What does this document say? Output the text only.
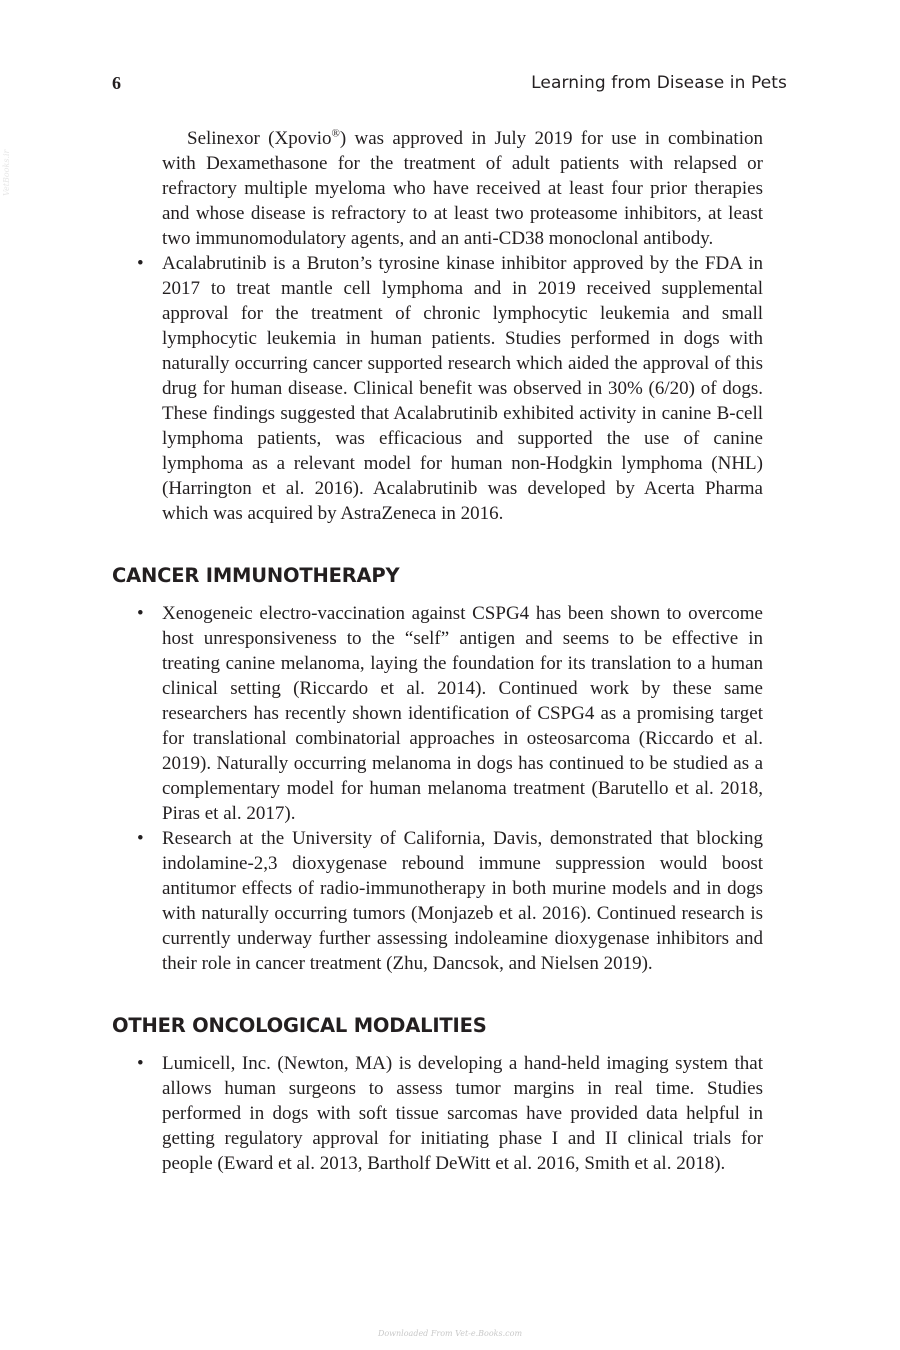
6	Learning from Disease in Pets
VetBooks.ir

Selinexor (Xpovio®) was approved in July 2019 for use in combination with Dexamethasone for the treatment of adult patients with relapsed or refractory multiple myeloma who have received at least four prior therapies and whose disease is refractory to at least two proteasome inhibitors, at least two immunomodulatory agents, and an anti-CD38 monoclonal antibody.

• Acalabrutinib is a Bruton’s tyrosine kinase inhibitor approved by the FDA in 2017 to treat mantle cell lymphoma and in 2019 received supplemental approval for the treatment of chronic lymphocytic leukemia and small lymphocytic leukemia in human patients. Studies performed in dogs with naturally occurring cancer supported research which aided the approval of this drug for human disease. Clinical benefit was observed in 30% (6/20) of dogs. These findings suggested that Acalabrutinib exhibited activity in canine B-cell lymphoma patients, was efficacious and supported the use of canine lymphoma as a relevant model for human non-Hodgkin lymphoma (NHL) (Harrington et al. 2016). Acalabrutinib was developed by Acerta Pharma which was acquired by AstraZeneca in 2016.
CANCER IMMUNOTHERAPY
• Xenogeneic electro-vaccination against CSPG4 has been shown to overcome host unresponsiveness to the “self” antigen and seems to be effective in treating canine melanoma, laying the foundation for its translation to a human clinical setting (Riccardo et al. 2014). Continued work by these same researchers has recently shown identification of CSPG4 as a promising target for translational combinatorial approaches in osteosarcoma (Riccardo et al. 2019). Naturally occurring melanoma in dogs has continued to be studied as a complementary model for human melanoma treatment (Barutello et al. 2018, Piras et al. 2017).
• Research at the University of California, Davis, demonstrated that blocking indolamine-2,3 dioxygenase rebound immune suppression would boost antitumor effects of radio-immunotherapy in both murine models and in dogs with naturally occurring tumors (Monjazeb et al. 2016). Continued research is currently underway further assessing indoleamine dioxygenase inhibitors and their role in cancer treatment (Zhu, Dancsok, and Nielsen 2019).
OTHER ONCOLOGICAL MODALITIES
• Lumicell, Inc. (Newton, MA) is developing a hand-held imaging system that allows human surgeons to assess tumor margins in real time. Studies performed in dogs with soft tissue sarcomas have provided data helpful in getting regulatory approval for initiating phase I and II clinical trials for people (Eward et al. 2013, Bartholf DeWitt et al. 2016, Smith et al. 2018).
Downloaded From Vet-e.Books.com
